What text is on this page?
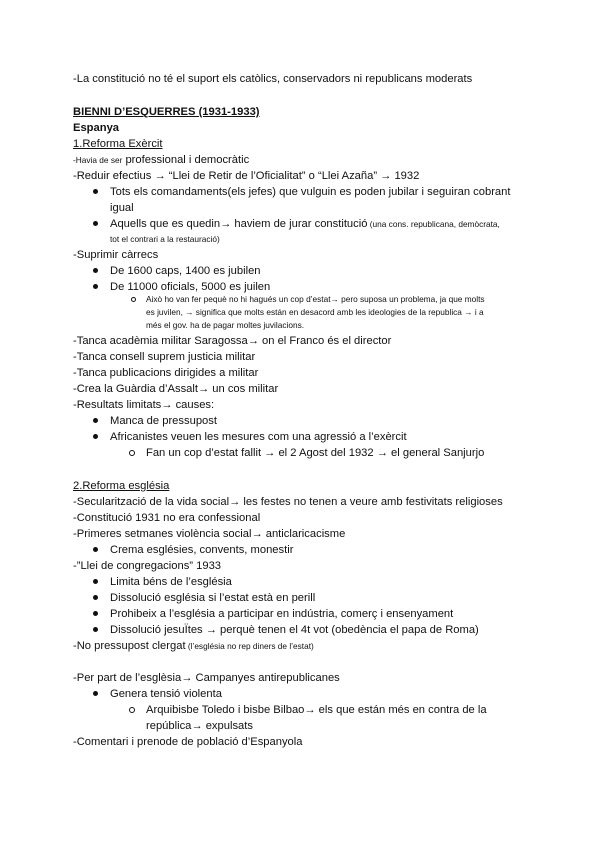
-La constitució no té el suport els catòlics, conservadors ni republicans moderats
BIENNI D’ESQUERRES (1931-1933)
Espanya
1.Reforma Exèrcit
-Havia de ser professional i democràtic
-Reduir efectius → “Llei de Retir de l’Oficialitat” o “Llei Azaña” → 1932
Tots els comandaments(els jefes) que vulguin es poden jubilar i seguiran cobrant
igual
Aquells que es quedin→ haviem de jurar constitució (una cons. republicana, demòcrata,
tot el contrari a la restauració)
-Suprimir càrrecs
De 1600 caps, 1400 es jubilen
De 11000 oficials, 5000 es juilen
Això ho van fer pequè no hi hagués un cop d’estat→ pero suposa un problema, ja que molts
es juvilen, → significa que molts están en desacord amb les ideologies de la republica → i a
més el gov. ha de pagar moltes juvilacions.
-Tanca acadèmia militar Saragossa→ on el Franco és el director
-Tanca consell suprem justicia militar
-Tanca publicacions dirigides a militar
-Crea la Guàrdia d’Assalt→ un cos militar
-Resultats limitats→ causes:
Manca de pressupost
Africanistes veuen les mesures com una agressió a l’exèrcit
Fan un cop d’estat fallit → el 2 Agost del 1932 → el general Sanjurjo
2.Reforma església
-Secularització de la vida social→ les festes no tenen a veure amb festivitats religioses
-Constitució 1931 no era confessional
-Primeres setmanes violència social→ anticlaricacisme
Crema esglésies, convents, monestir
-”Llei de congregacions” 1933
Limita béns de l’església
Dissolució església si l’estat està en perill
Prohibeix a l’església a participar en indústria, comerç i ensenyament
Dissolució jesuÏtes → perquè tenen el 4t vot (obedència el papa de Roma)
-No pressupost clergat (l’església no rep diners de l’estat)
-Per part de l’esglèsia→ Campanyes antirepublicanes
Genera tensió violenta
Arquibisbe Toledo i bisbe Bilbao→ els que están més en contra de la
república→ expulsats
-Comentari i prenode de població d’Espanyola
